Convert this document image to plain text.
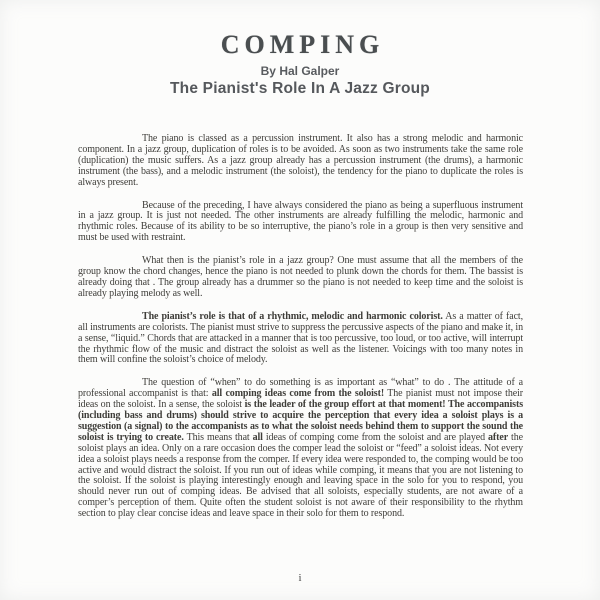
COMPING
By Hal Galper
The Pianist's Role In A Jazz Group

The piano is classed as a percussion instrument. It also has a strong melodic and harmonic component. In a jazz group, duplication of roles is to be avoided. As soon as two instruments take the same role (duplication) the music suffers. As a jazz group already has a percussion instrument (the drums), a harmonic instrument (the bass), and a melodic instrument (the soloist), the tendency for the piano to duplicate the roles is always present.

Because of the preceding, I have always considered the piano as being a superfluous instrument in a jazz group. It is just not needed. The other instruments are already fulfilling the melodic, harmonic and rhythmic roles. Because of its ability to be so interruptive, the piano’s role in a group is then very sensitive and must be used with restraint.

What then is the pianist’s role in a jazz group? One must assume that all the members of the group know the chord changes, hence the piano is not needed to plunk down the chords for them. The bassist is already doing that . The group already has a drummer so the piano is not needed to keep time and the soloist is already playing melody as well.

The pianist’s role is that of a rhythmic, melodic and harmonic colorist. As a matter of fact, all instruments are colorists. The pianist must strive to suppress the percussive aspects of the piano and make it, in a sense, “liquid.” Chords that are attacked in a manner that is too percussive, too loud, or too active, will interrupt the rhythmic flow of the music and distract the soloist as well as the listener. Voicings with too many notes in them will confine the soloist’s choice of melody.

The question of “when” to do something is as important as “what” to do . The attitude of a professional accompanist is that: all comping ideas come from the soloist! The pianist must not impose their ideas on the soloist. In a sense, the soloist is the leader of the group effort at that moment! The accompanists (including bass and drums) should strive to acquire the perception that every idea a soloist plays is a suggestion (a signal) to the accompanists as to what the soloist needs behind them to support the sound the soloist is trying to create. This means that all ideas of comping come from the soloist and are played after the soloist plays an idea. Only on a rare occasion does the comper lead the soloist or “feed” a soloist ideas. Not every idea a soloist plays needs a response from the comper. If every idea were responded to, the comping would be too active and would distract the soloist. If you run out of ideas while comping, it means that you are not listening to the soloist. If the soloist is playing interestingly enough and leaving space in the solo for you to respond, you should never run out of comping ideas. Be advised that all soloists, especially students, are not aware of a comper’s perception of them. Quite often the student soloist is not aware of their responsibility to the rhythm section to play clear concise ideas and leave space in their solo for them to respond.

i
